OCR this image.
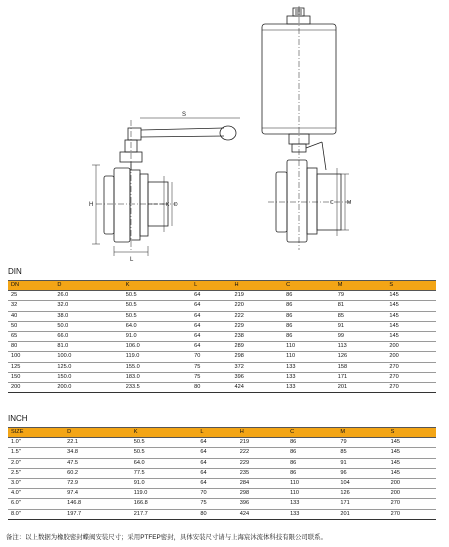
S
H	K D
L
C	M
DIN
DN	D	K	L	H	C	M	S
25	26.0	50.5	64	219	86	79	145
32	32.0	50.5	64	220	86	81	145
40	38.0	50.5	64	222	86	85	145
50	50.0	64.0	64	229	86	91	145
65	66.0	91.0	64	238	86	99	145
80	81.0	106.0	64	289	110	113	200
100	100.0	119.0	70	298	110	126	200
125	125.0	155.0	75	372	133	158	270
150	150.0	183.0	75	396	133	171	270
200	200.0	233.5	80	424	133	201	270
INCH
SIZE	D	K	L	H	C	M	S
1.0"	22.1	50.5	64	219	86	79	145
1.5"	34.8	50.5	64	222	86	85	145
2.0"	47.5	64.0	64	229	86	91	145
2.5"	60.2	77.5	64	235	86	96	145
3.0"	72.9	91.0	64	284	110	104	200
4.0"	97.4	119.0	70	298	110	126	200
6.0"	146.8	166.8	75	396	133	171	270
8.0"	197.7	217.7	80	424	133	201	270
备注：以上数据为橡胶密封蝶阀安装尺寸；采用PTFEP密封，具体安装尺寸请与上海宸沐流体科技有限公司联系。
